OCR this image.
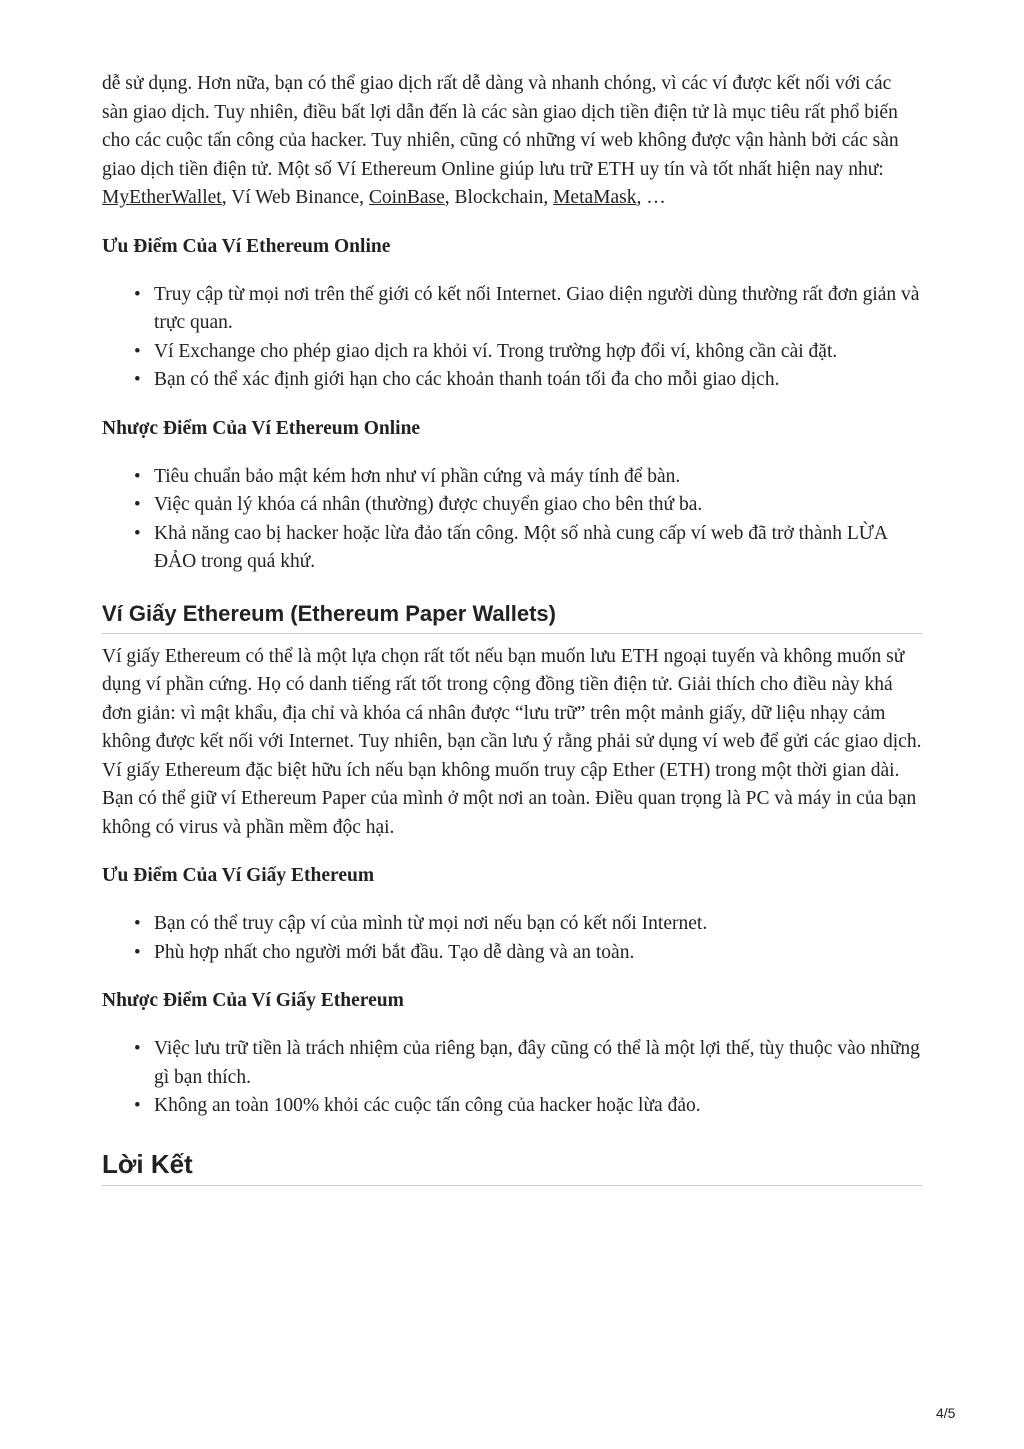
dễ sử dụng. Hơn nữa, bạn có thể giao dịch rất dễ dàng và nhanh chóng, vì các ví được kết nối với các sàn giao dịch. Tuy nhiên, điều bất lợi dẫn đến là các sàn giao dịch tiền điện tử là mục tiêu rất phổ biến cho các cuộc tấn công của hacker. Tuy nhiên, cũng có những ví web không được vận hành bởi các sàn giao dịch tiền điện tử. Một số Ví Ethereum Online giúp lưu trữ ETH uy tín và tốt nhất hiện nay như: MyEtherWallet, Ví Web Binance, CoinBase, Blockchain, MetaMask, …

Ưu Điểm Của Ví Ethereum Online
• Truy cập từ mọi nơi trên thế giới có kết nối Internet. Giao diện người dùng thường rất đơn giản và trực quan.
• Ví Exchange cho phép giao dịch ra khỏi ví. Trong trường hợp đổi ví, không cần cài đặt.
• Bạn có thể xác định giới hạn cho các khoản thanh toán tối đa cho mỗi giao dịch.
Nhược Điểm Của Ví Ethereum Online
• Tiêu chuẩn bảo mật kém hơn như ví phần cứng và máy tính để bàn.
• Việc quản lý khóa cá nhân (thường) được chuyển giao cho bên thứ ba.
• Khả năng cao bị hacker hoặc lừa đảo tấn công. Một số nhà cung cấp ví web đã trở thành LỪA ĐẢO trong quá khứ.
Ví Giấy Ethereum (Ethereum Paper Wallets)

Ví giấy Ethereum có thể là một lựa chọn rất tốt nếu bạn muốn lưu ETH ngoại tuyến và không muốn sử dụng ví phần cứng. Họ có danh tiếng rất tốt trong cộng đồng tiền điện tử. Giải thích cho điều này khá đơn giản: vì mật khẩu, địa chỉ và khóa cá nhân được “lưu trữ” trên một mảnh giấy, dữ liệu nhạy cảm không được kết nối với Internet. Tuy nhiên, bạn cần lưu ý rằng phải sử dụng ví web để gửi các giao dịch. Ví giấy Ethereum đặc biệt hữu ích nếu bạn không muốn truy cập Ether (ETH) trong một thời gian dài. Bạn có thể giữ ví Ethereum Paper của mình ở một nơi an toàn. Điều quan trọng là PC và máy in của bạn không có virus và phần mềm độc hại.

Ưu Điểm Của Ví Giấy Ethereum
• Bạn có thể truy cập ví của mình từ mọi nơi nếu bạn có kết nối Internet.
• Phù hợp nhất cho người mới bắt đầu. Tạo dễ dàng và an toàn.
Nhược Điểm Của Ví Giấy Ethereum
• Việc lưu trữ tiền là trách nhiệm của riêng bạn, đây cũng có thể là một lợi thế, tùy thuộc vào những gì bạn thích.
• Không an toàn 100% khỏi các cuộc tấn công của hacker hoặc lừa đảo.
Lời Kết
4/5
